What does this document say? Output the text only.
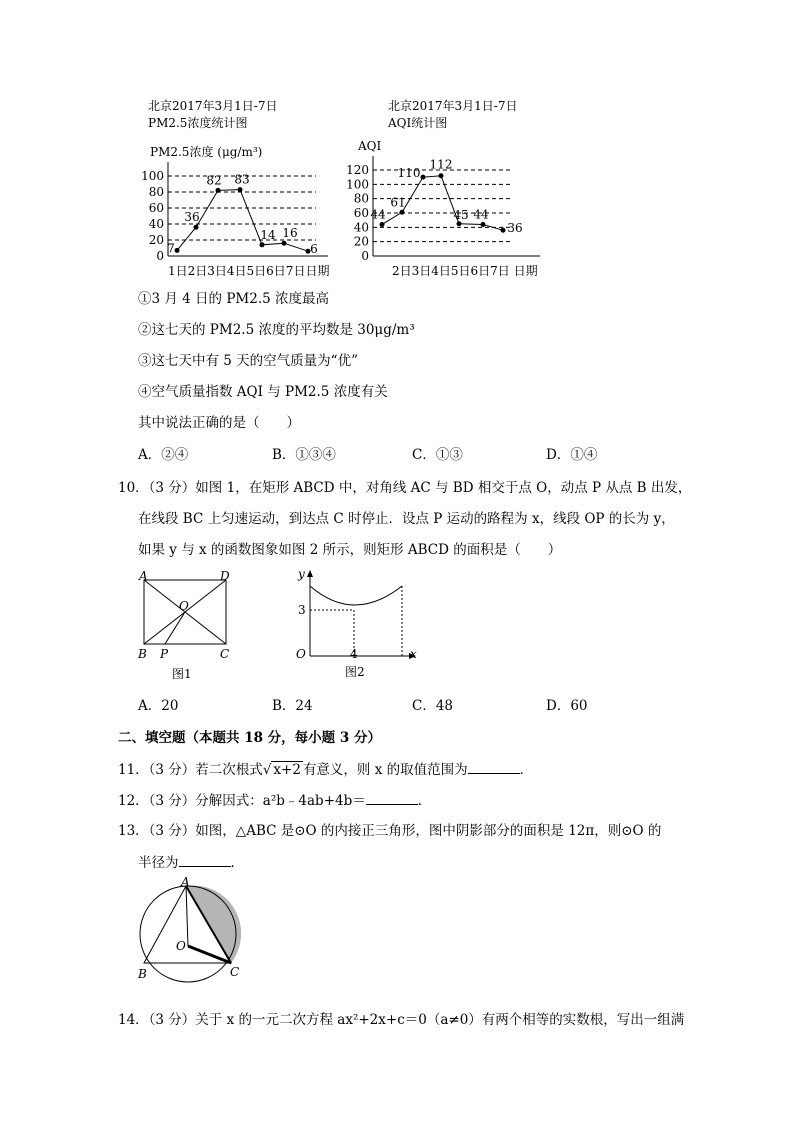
北京2017年3月1日-7日
PM2.5浓度统计图
北京2017年3月1日-7日
AQI统计图
PM2.5浓度 (μg/m³)
100
80
60
40
20
0
7
36
82 83
14 16
6
1日2日3日4日5日6日7日日期
AQI
120
100
80
60
40
20
0
44
61
110
112
45 44
36
2日3日4日5日6日7日 日期
①3 月 4 日的 PM2.5 浓度最高
②这七天的 PM2.5 浓度的平均数是 30μg/m³
③这七天中有 5 天的空气质量为“优”
④空气质量指数 AQI 与 PM2.5 浓度有关
其中说法正确的是（　　）
A．②④	B．①③④	C．①③	D．①④
10．（3 分）如图 1，在矩形 ABCD 中，对角线 AC 与 BD 相交于点 O，动点 P 从点 B 出发，
在线段 BC 上匀速运动，到达点 C 时停止．设点 P 运动的路程为 x，线段 OP 的长为 y，
如果 y 与 x 的函数图象如图 2 所示，则矩形 ABCD 的面积是（　　）
A	D
O
B P	C
图1
y
3
O	4	x
图2
A．20	B．24	C．48	D．60
二、填空题（本题共 18 分，每小题 3 分）
11．（3 分）若二次根式√ x+2 有意义，则 x 的取值范围为	．
12．（3 分）分解因式：a²b﹣4ab+4b＝	．
13．（3 分）如图，△ABC 是⊙O 的内接正三角形，图中阴影部分的面积是 12π，则⊙O 的
半径为	．
A
O
B	C
14．（3 分）关于 x 的一元二次方程 ax²+2x+c＝0（a≠0）有两个相等的实数根，写出一组满
